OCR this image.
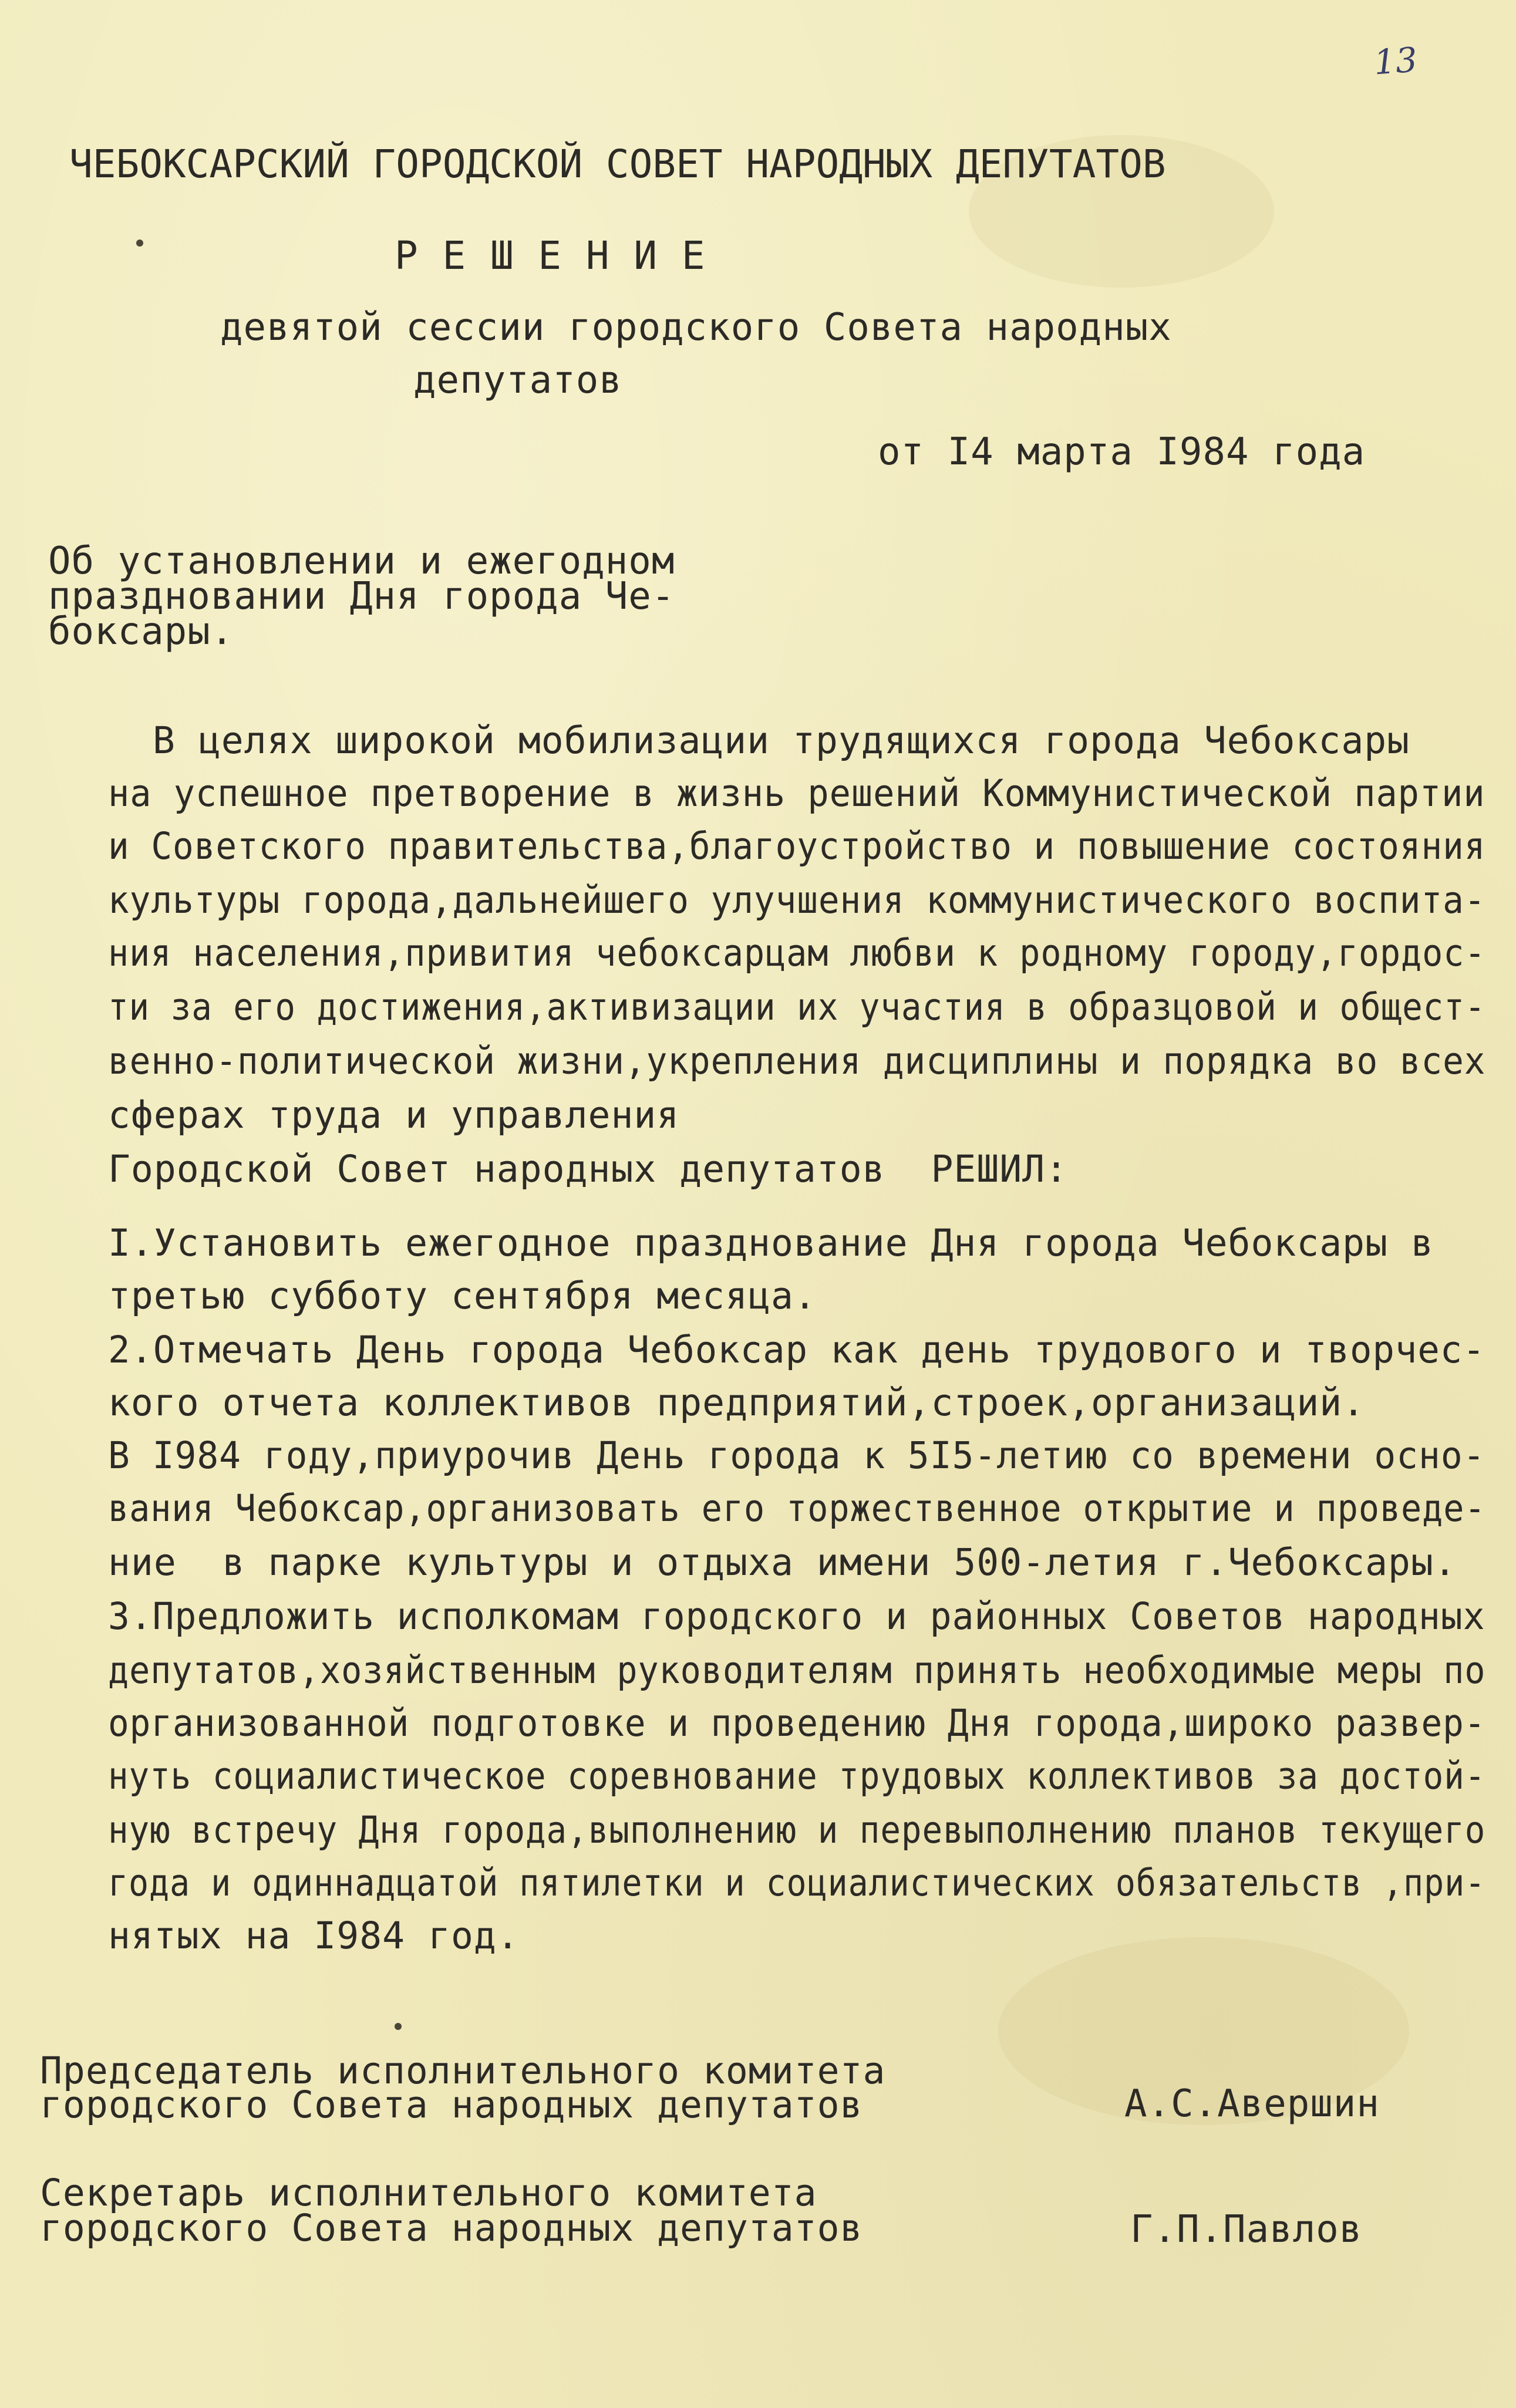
13
ЧЕБОКСАРСКИЙ ГОРОДСКОЙ СОВЕТ НАРОДНЫХ ДЕПУТАТОВ
Р Е Ш Е Н И Е
девятой сессии городского Совета народных
депутатов
от I4 марта I984 года
Об установлении и ежегодном
праздновании Дня города Че-
боксары.
В целях широкой мобилизации трудящихся города Чебоксары
на успешное претворение в жизнь решений Коммунистической партии
и Советского правительства,благоустройство и повышение состояния
культуры города,дальнейшего улучшения коммунистического воспита-
ния населения,привития чебоксарцам любви к родному городу,гордос-
ти за его достижения,активизации их участия в образцовой и общест-
венно-политической жизни,укрепления дисциплины и порядка во всех
сферах труда и управления
Городской Совет народных депутатов  РЕШИЛ:
I.Установить ежегодное празднование Дня города Чебоксары в
третью субботу сентября месяца.
2.Отмечать День города Чебоксар как день трудового и творчес-
кого отчета коллективов предприятий,строек,организаций.
В I984 году,приурочив День города к 5I5-летию со времени осно-
вания Чебоксар,организовать его торжественное открытие и проведе-
ние  в парке культуры и отдыха имени 500-летия г.Чебоксары.
3.Предложить исполкомам городского и районных Советов народных
депутатов,хозяйственным руководителям принять необходимые меры по
организованной подготовке и проведению Дня города,широко развер-
нуть социалистическое соревнование трудовых коллективов за достой-
ную встречу Дня города,выполнению и перевыполнению планов текущего
года и одиннадцатой пятилетки и социалистических обязательств ,при-
нятых на I984 год.
Председатель исполнительного комитета
городского Совета народных депутатов	А.С.Авершин
Секретарь исполнительного комитета
городского Совета народных депутатов	Г.П.Павлов
